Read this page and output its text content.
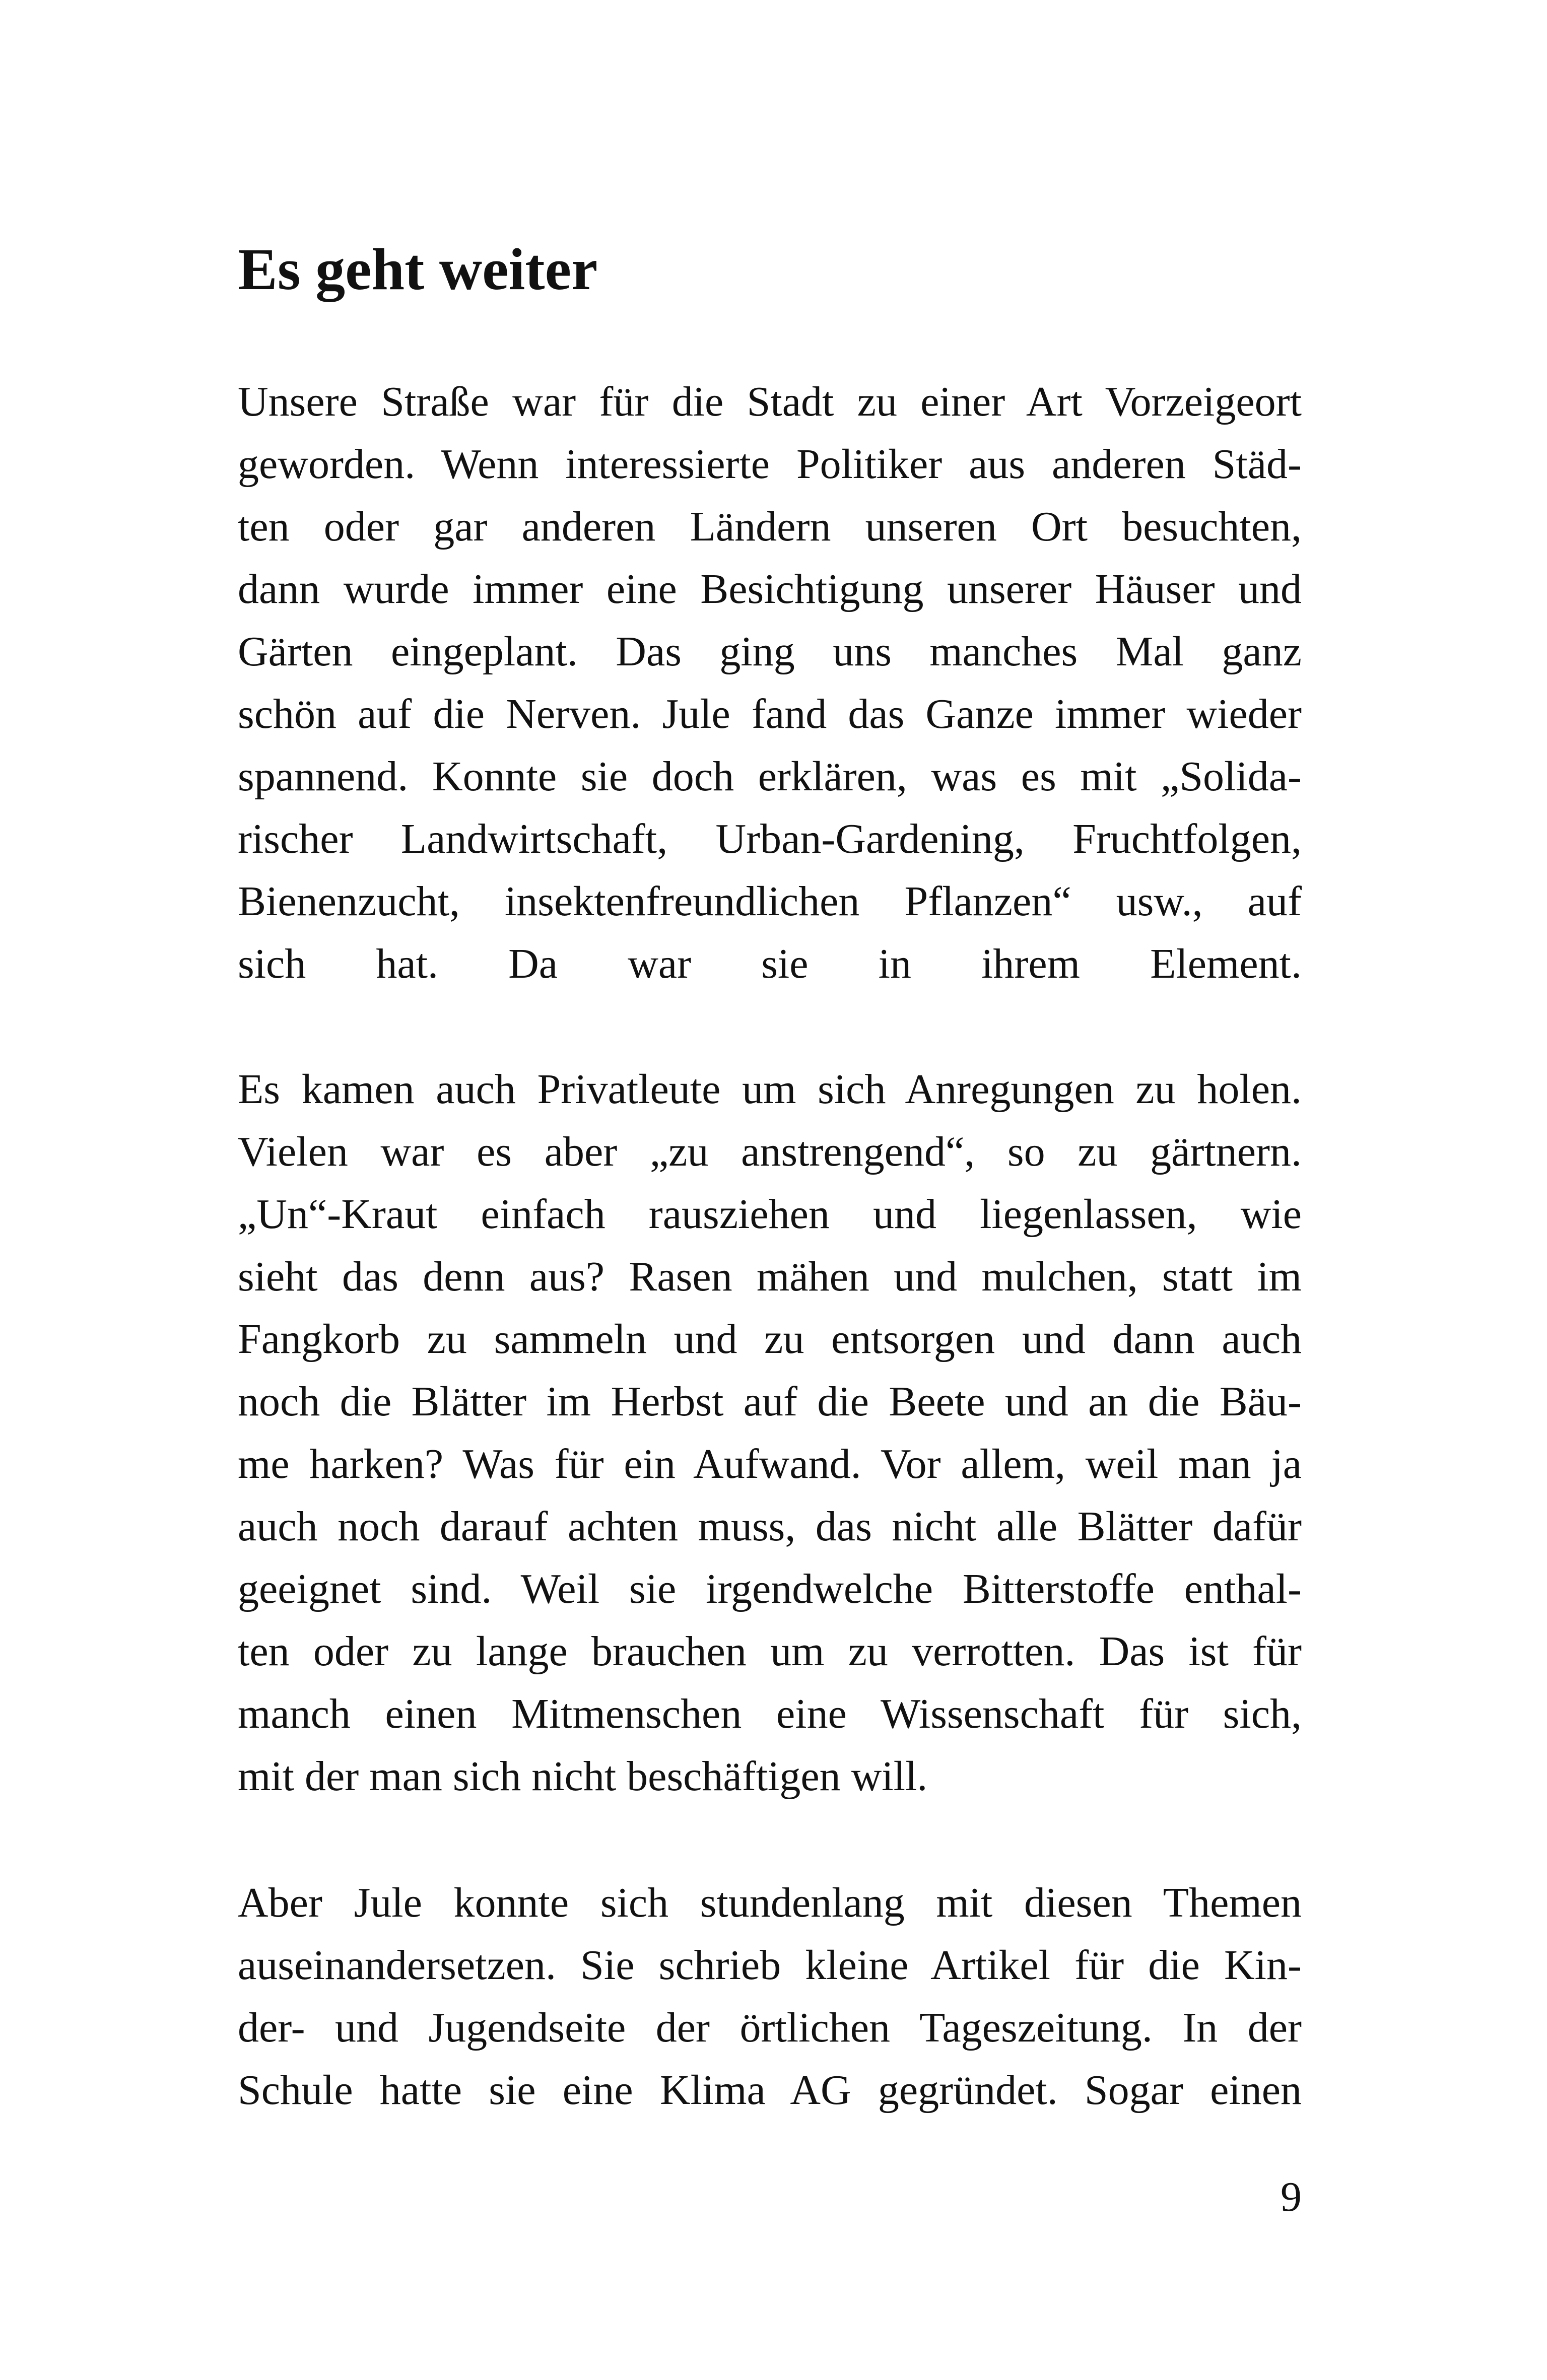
Es geht weiter
Unsere Straße war für die Stadt zu einer Art Vorzeigeort
geworden. Wenn interessierte Politiker aus anderen Städ-
ten oder gar anderen Ländern unseren Ort besuchten,
dann wurde immer eine Besichtigung unserer Häuser und
Gärten eingeplant. Das ging uns manches Mal ganz
schön auf die Nerven. Jule fand das Ganze immer wieder
spannend. Konnte sie doch erklären, was es mit „Solida-
rischer Landwirtschaft, Urban-Gardening, Fruchtfolgen,
Bienenzucht, insektenfreundlichen Pflanzen“ usw., auf
sich hat. Da war sie in ihrem Element.
Es kamen auch Privatleute um sich Anregungen zu holen.
Vielen war es aber „zu anstrengend“, so zu gärtnern.
„Un“-Kraut einfach rausziehen und liegenlassen, wie
sieht das denn aus? Rasen mähen und mulchen, statt im
Fangkorb zu sammeln und zu entsorgen und dann auch
noch die Blätter im Herbst auf die Beete und an die Bäu-
me harken? Was für ein Aufwand. Vor allem, weil man ja
auch noch darauf achten muss, das nicht alle Blätter dafür
geeignet sind. Weil sie irgendwelche Bitterstoffe enthal-
ten oder zu lange brauchen um zu verrotten. Das ist für
manch einen Mitmenschen eine Wissenschaft für sich,
mit der man sich nicht beschäftigen will.
Aber Jule konnte sich stundenlang mit diesen Themen
auseinandersetzen. Sie schrieb kleine Artikel für die Kin-
der- und Jugendseite der örtlichen Tageszeitung. In der
Schule hatte sie eine Klima AG gegründet. Sogar einen
9
